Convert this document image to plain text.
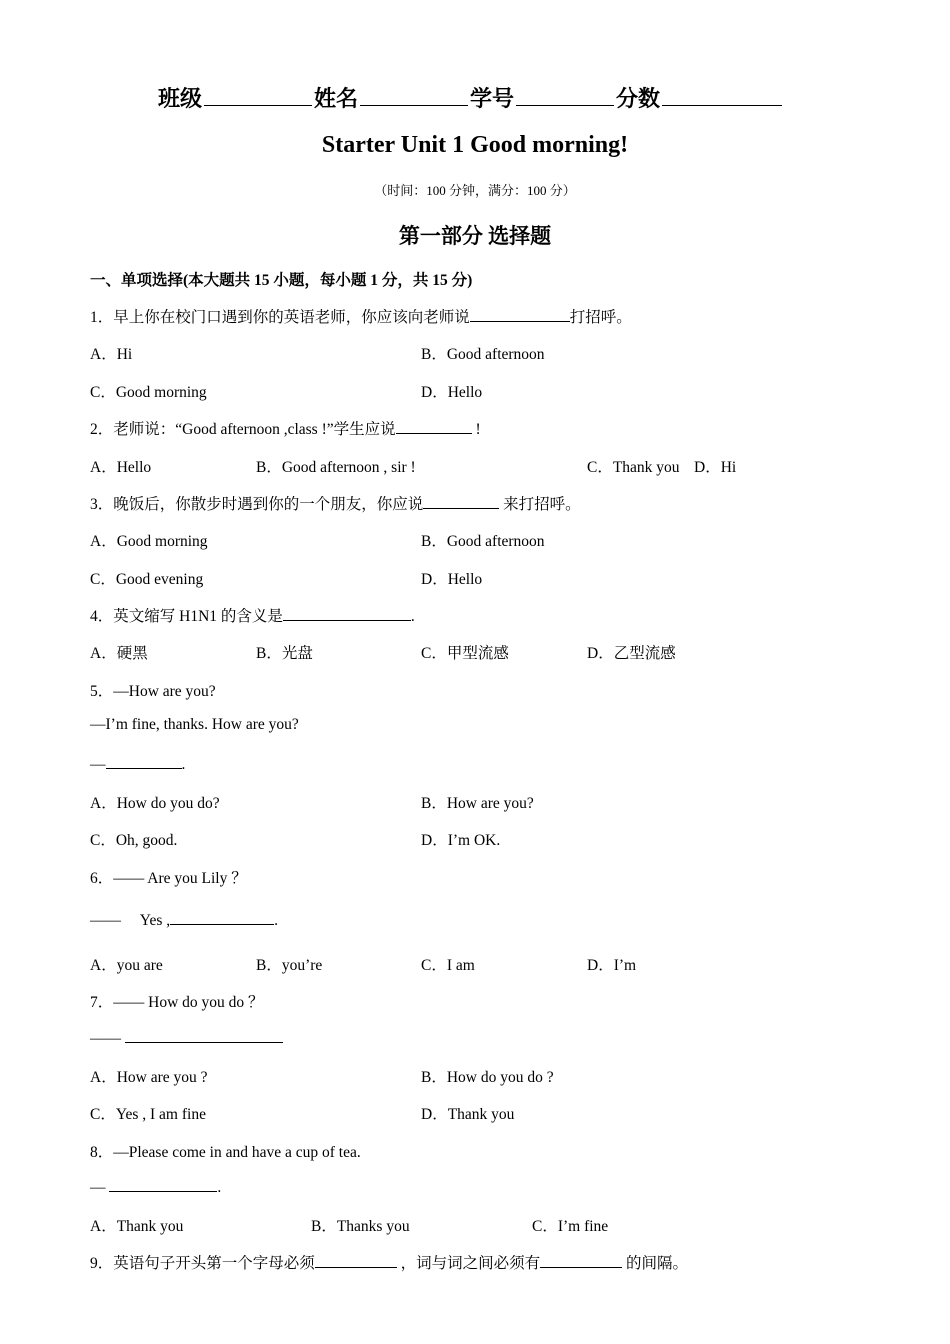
班级	姓名	学号	分数
Starter Unit 1 Good morning!
（时间：100 分钟，满分：100 分）
第一部分 选择题
一、单项选择(本大题共 15 小题，每小题 1 分，共 15 分)
1．早上你在校门口遇到你的英语老师，你应该向老师说	打招呼。
A．Hi	B．Good afternoon
C．Good morning	D．Hello
2．老师说：“Good afternoon ,class !”学生应说	!
A．Hello	B．Good afternoon , sir !	C．Thank you D．Hi
3．晚饭后，你散步时遇到你的一个朋友，你应说	来打招呼。
A．Good morning	B．Good afternoon
C．Good evening	D．Hello
4．英文缩写 H1N1 的含义是	.
A．硬黑	B．光盘	C．甲型流感	D．乙型流感
5．—How are you?
—I’m fine, thanks. How are you?
—	.
A．How do you do?	B．How are you?
C．Oh, good.	D．I’m OK.
6．—— Are you Lily ？
——     Yes ,	.
A．you are	B．you’re	C．I am	D．I’m
7．—— How do you do ？
——
A．How are you ?	B．How do you do ?
C．Yes , I am fine	D．Thank you
8．—Please come in and have a cup of tea.
—	.
A．Thank you	B．Thanks you	C．I’m fine
9．英语句子开头第一个字母必须	，词与词之间必须有	的间隔。
